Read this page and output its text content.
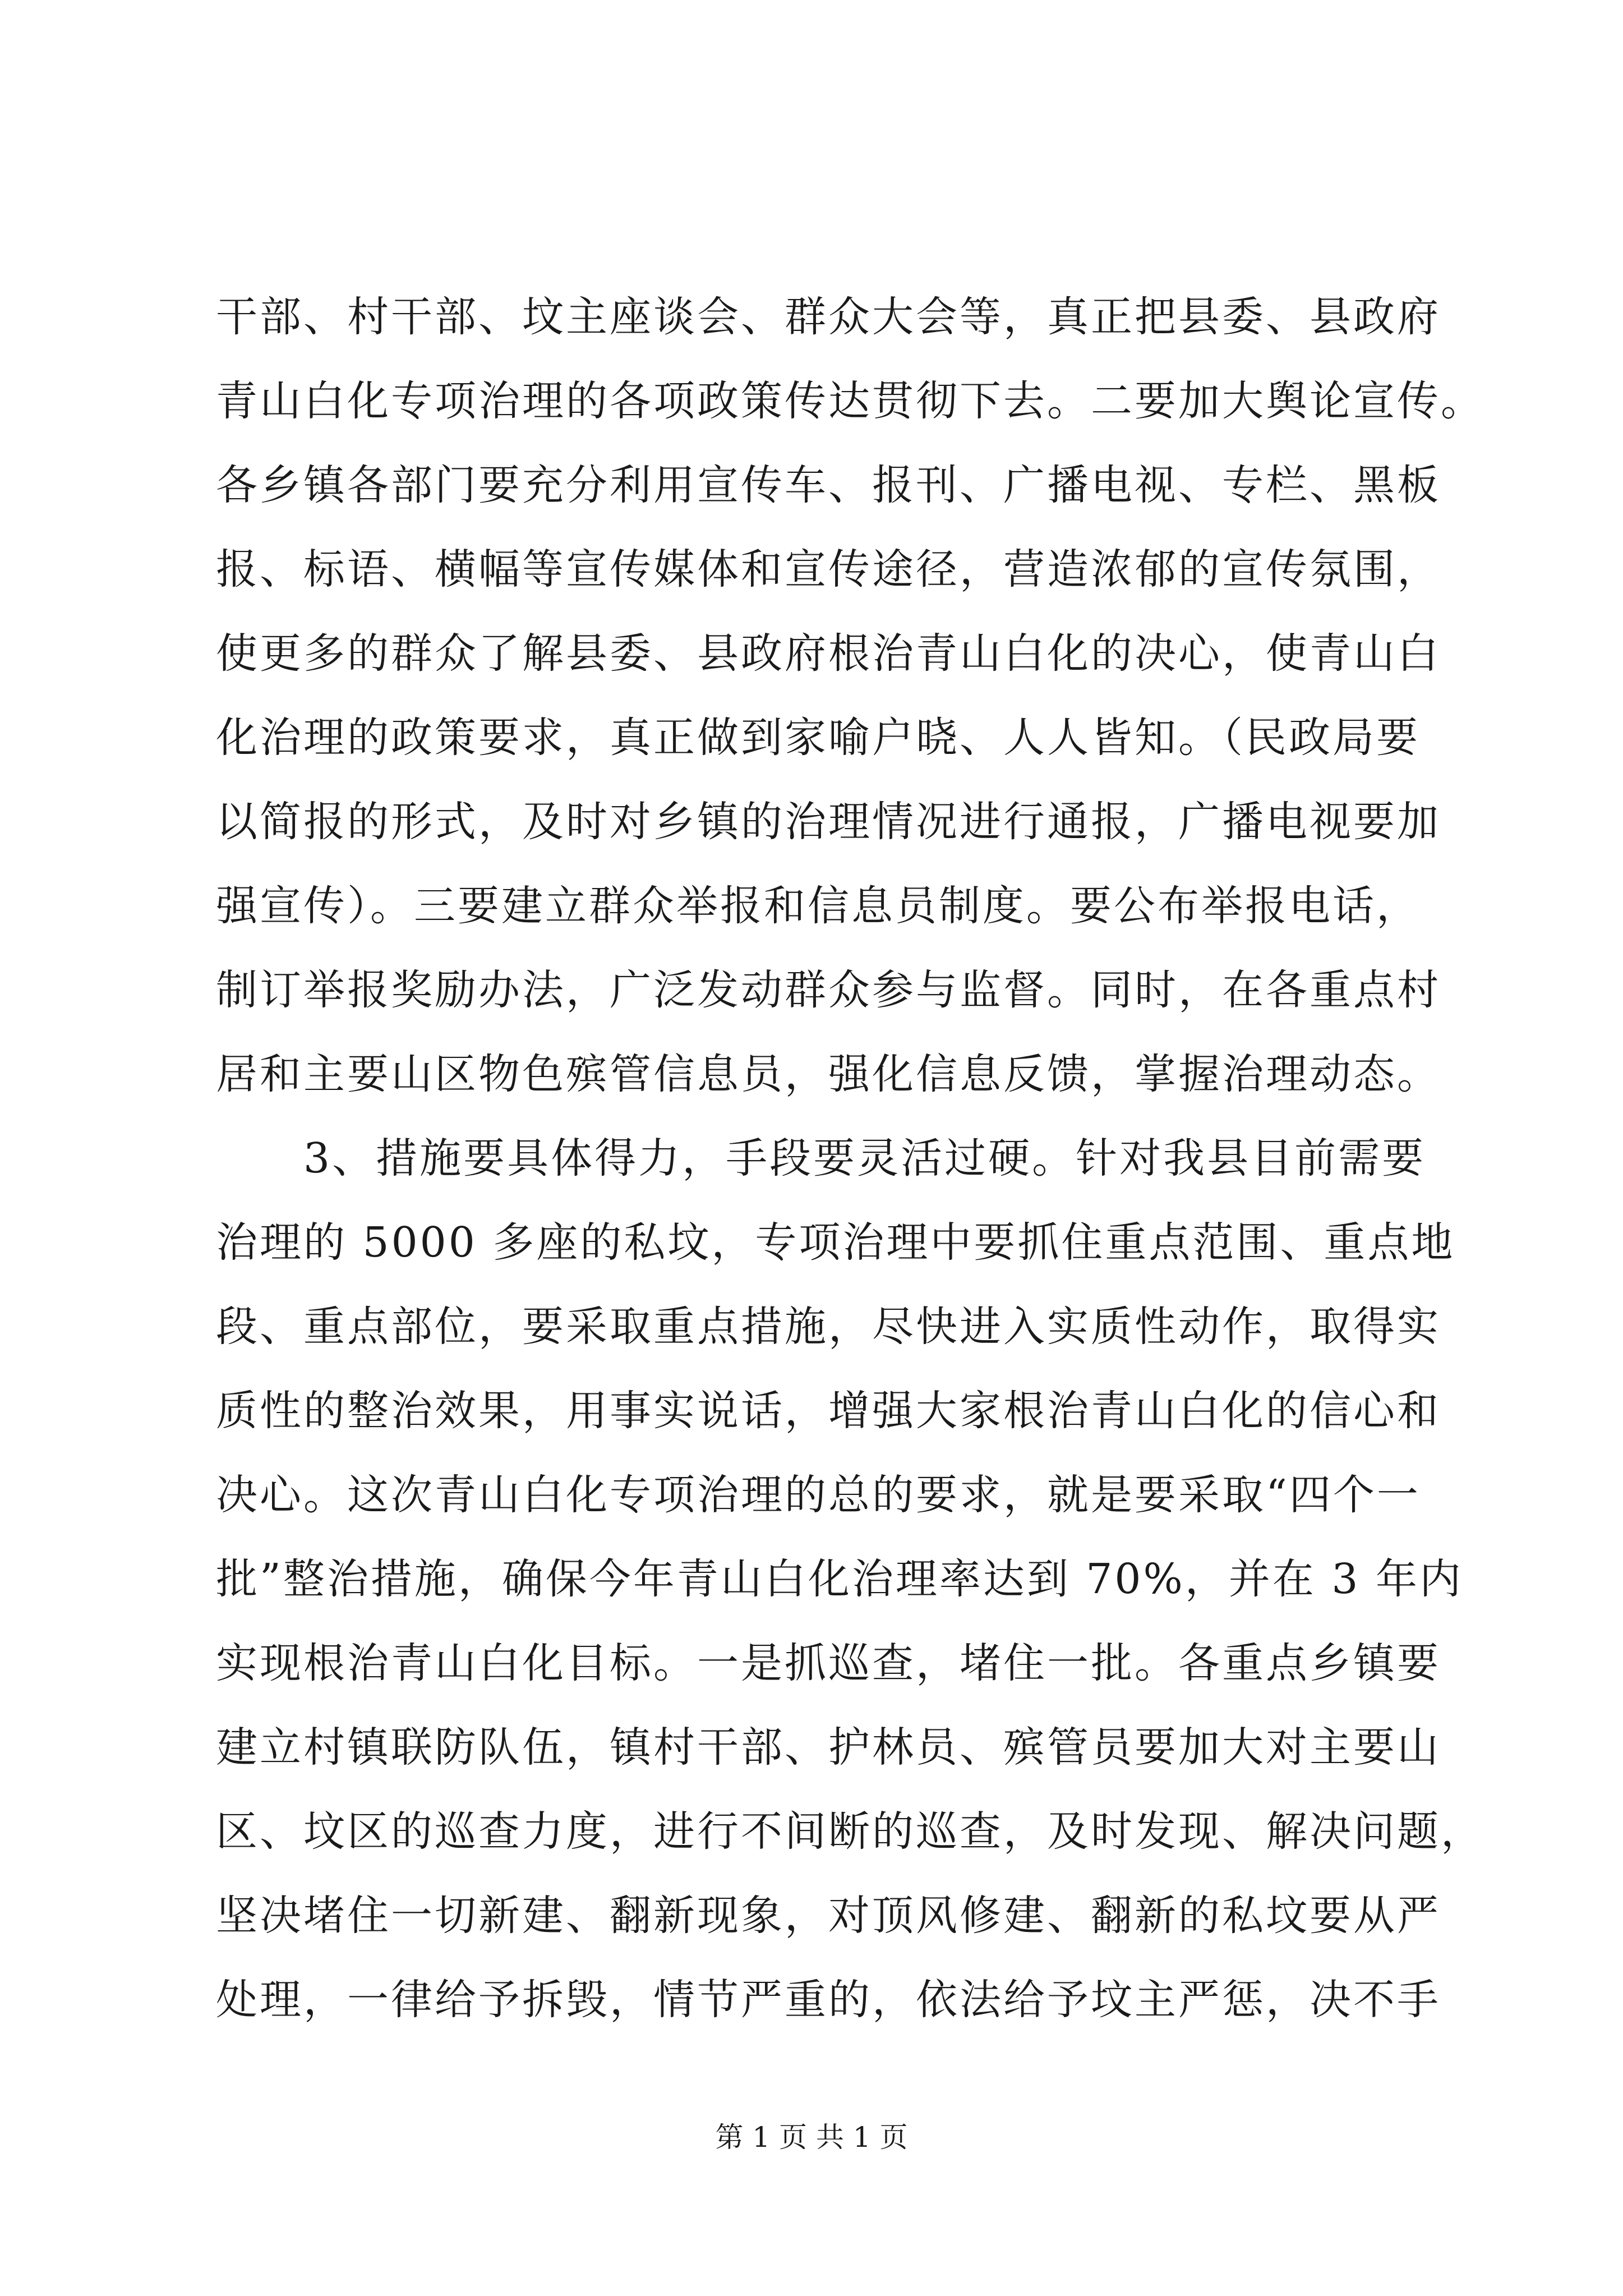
干部、村干部、坟主座谈会、群众大会等，真正把县委、县政府
青山白化专项治理的各项政策传达贯彻下去。二要加大舆论宣传。
各乡镇各部门要充分利用宣传车、报刊、广播电视、专栏、黑板
报、标语、横幅等宣传媒体和宣传途径，营造浓郁的宣传氛围，
使更多的群众了解县委、县政府根治青山白化的决心，使青山白
化治理的政策要求，真正做到家喻户晓、人人皆知。（民政局要
以简报的形式，及时对乡镇的治理情况进行通报，广播电视要加
强宣传）。三要建立群众举报和信息员制度。要公布举报电话，
制订举报奖励办法，广泛发动群众参与监督。同时，在各重点村
居和主要山区物色殡管信息员，强化信息反馈，掌握治理动态。
　　3、措施要具体得力，手段要灵活过硬。针对我县目前需要
治理的 5000 多座的私坟，专项治理中要抓住重点范围、重点地
段、重点部位，要采取重点措施，尽快进入实质性动作，取得实
质性的整治效果，用事实说话，增强大家根治青山白化的信心和
决心。这次青山白化专项治理的总的要求，就是要采取“四个一
批”整治措施，确保今年青山白化治理率达到 70%，并在 3 年内
实现根治青山白化目标。一是抓巡查，堵住一批。各重点乡镇要
建立村镇联防队伍，镇村干部、护林员、殡管员要加大对主要山
区、坟区的巡查力度，进行不间断的巡查，及时发现、解决问题，
坚决堵住一切新建、翻新现象，对顶风修建、翻新的私坟要从严
处理，一律给予拆毁，情节严重的，依法给予坟主严惩，决不手
第 1 页 共 1 页
